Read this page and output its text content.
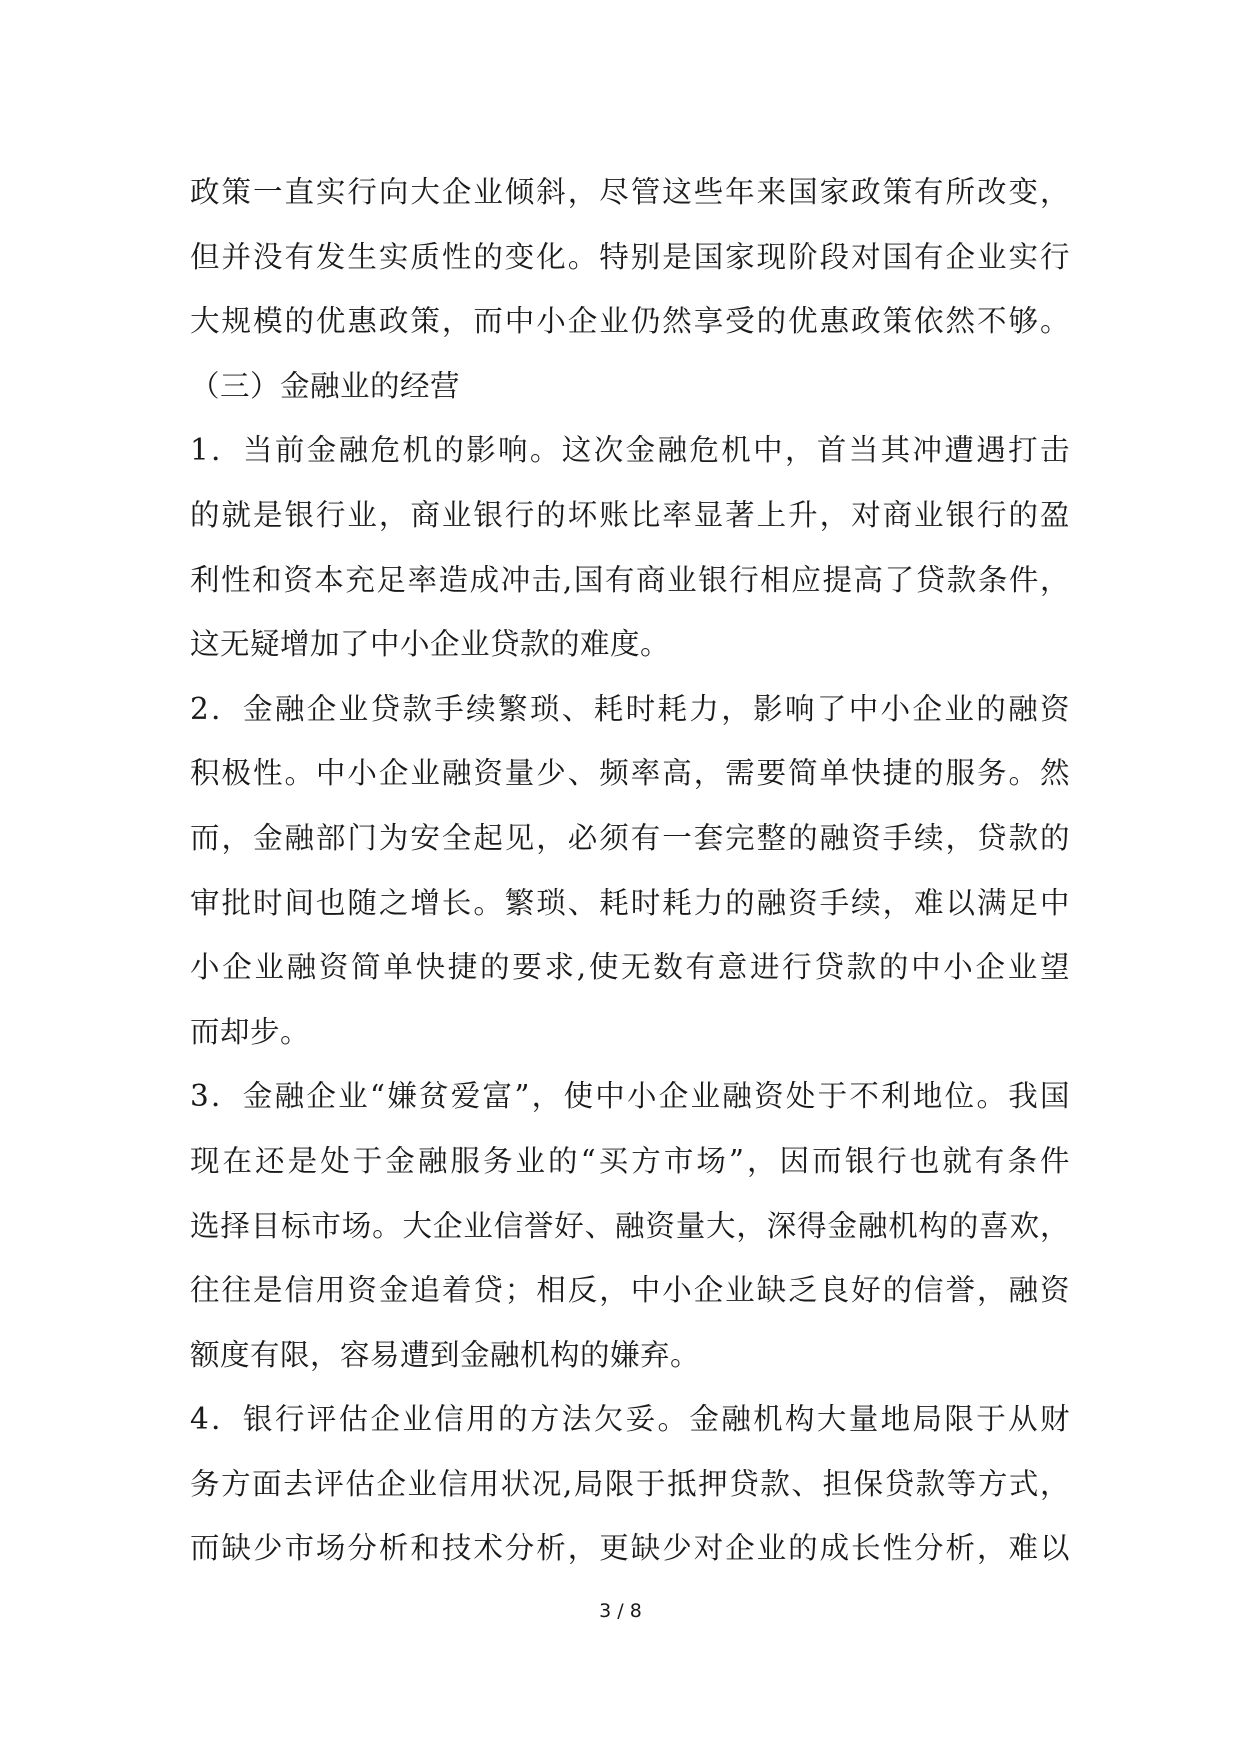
政策一直实行向大企业倾斜，尽管这些年来国家政策有所改变，
但并没有发生实质性的变化。特别是国家现阶段对国有企业实行
大规模的优惠政策，而中小企业仍然享受的优惠政策依然不够。
（三）金融业的经营
1．当前金融危机的影响。这次金融危机中，首当其冲遭遇打击
的就是银行业，商业银行的坏账比率显著上升，对商业银行的盈
利性和资本充足率造成冲击,国有商业银行相应提高了贷款条件，
这无疑增加了中小企业贷款的难度。
2．金融企业贷款手续繁琐、耗时耗力，影响了中小企业的融资
积极性。中小企业融资量少、频率高，需要简单快捷的服务。然
而，金融部门为安全起见，必须有一套完整的融资手续，贷款的
审批时间也随之增长。繁琐、耗时耗力的融资手续，难以满足中
小企业融资简单快捷的要求,使无数有意进行贷款的中小企业望
而却步。
3．金融企业“嫌贫爱富”，使中小企业融资处于不利地位。我国
现在还是处于金融服务业的“买方市场”，因而银行也就有条件
选择目标市场。大企业信誉好、融资量大，深得金融机构的喜欢，
往往是信用资金追着贷；相反，中小企业缺乏良好的信誉，融资
额度有限，容易遭到金融机构的嫌弃。
4．银行评估企业信用的方法欠妥。金融机构大量地局限于从财
务方面去评估企业信用状况,局限于抵押贷款、担保贷款等方式，
而缺少市场分析和技术分析，更缺少对企业的成长性分析，难以
3 / 8
